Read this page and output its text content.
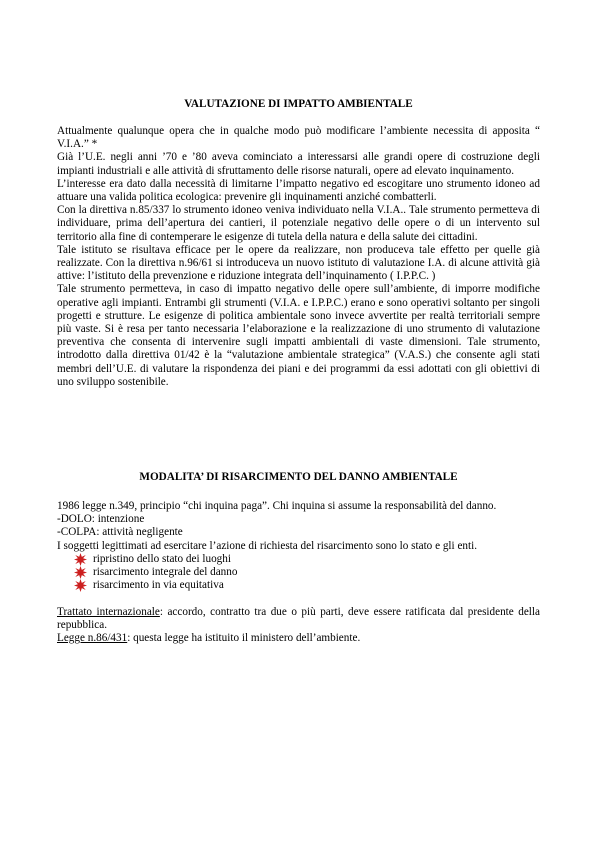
VALUTAZIONE DI IMPATTO AMBIENTALE

Attualmente qualunque opera che in qualche modo può modificare l’ambiente necessita di apposita “ V.I.A.” *

Già l’U.E. negli anni ’70 e ’80 aveva cominciato a interessarsi alle grandi opere di costruzione degli impianti industriali e alle attività di sfruttamento delle risorse naturali, opere ad elevato inquinamento.

L’interesse era dato dalla necessità di limitarne l’impatto negativo ed escogitare uno strumento idoneo ad attuare una valida politica ecologica: prevenire gli inquinamenti anziché combatterli.

Con la direttiva n.85/337 lo strumento idoneo veniva individuato nella V.I.A.. Tale strumento permetteva di individuare, prima dell’apertura dei cantieri, il potenziale negativo delle opere o di un intervento sul territorio alla fine di contemperare le esigenze di tutela della natura e della salute dei cittadini.

Tale istituto se risultava efficace per le opere da realizzare, non produceva tale effetto per quelle già realizzate. Con la direttiva n.96/61 si introduceva un nuovo istituto di valutazione I.A. di alcune attività già attive: l’istituto della prevenzione e riduzione integrata dell’inquinamento ( I.P.P.C. )

Tale strumento permetteva, in caso di impatto negativo delle opere sull’ambiente, di imporre modifiche operative agli impianti. Entrambi gli strumenti (V.I.A. e I.P.P.C.) erano e sono operativi soltanto per singoli progetti e strutture. Le esigenze di politica ambientale sono invece avvertite per realtà territoriali sempre più vaste. Si è resa per tanto necessaria l’elaborazione e la realizzazione di uno strumento di valutazione preventiva che consenta di intervenire sugli impatti ambientali di vaste dimensioni. Tale strumento, introdotto dalla direttiva 01/42 è la “valutazione ambientale strategica” (V.A.S.) che consente agli stati membri dell’U.E. di valutare la rispondenza dei piani e dei programmi da essi adottati con gli obiettivi di uno sviluppo sostenibile.

MODALITA’ DI RISARCIMENTO DEL DANNO AMBIENTALE

1986 legge n.349, principio “chi inquina paga”. Chi inquina si assume la responsabilità del danno.

-DOLO: intenzione

-COLPA: attività negligente

I soggetti legittimati ad esercitare l’azione di richiesta del risarcimento sono lo stato e gli enti.

ripristino dello stato dei luoghi
risarcimento integrale del danno
risarcimento in via equitativa

Trattato internazionale: accordo, contratto tra due o più parti, deve essere ratificata dal presidente della repubblica.

Legge n.86/431: questa legge ha istituito il ministero dell’ambiente.
